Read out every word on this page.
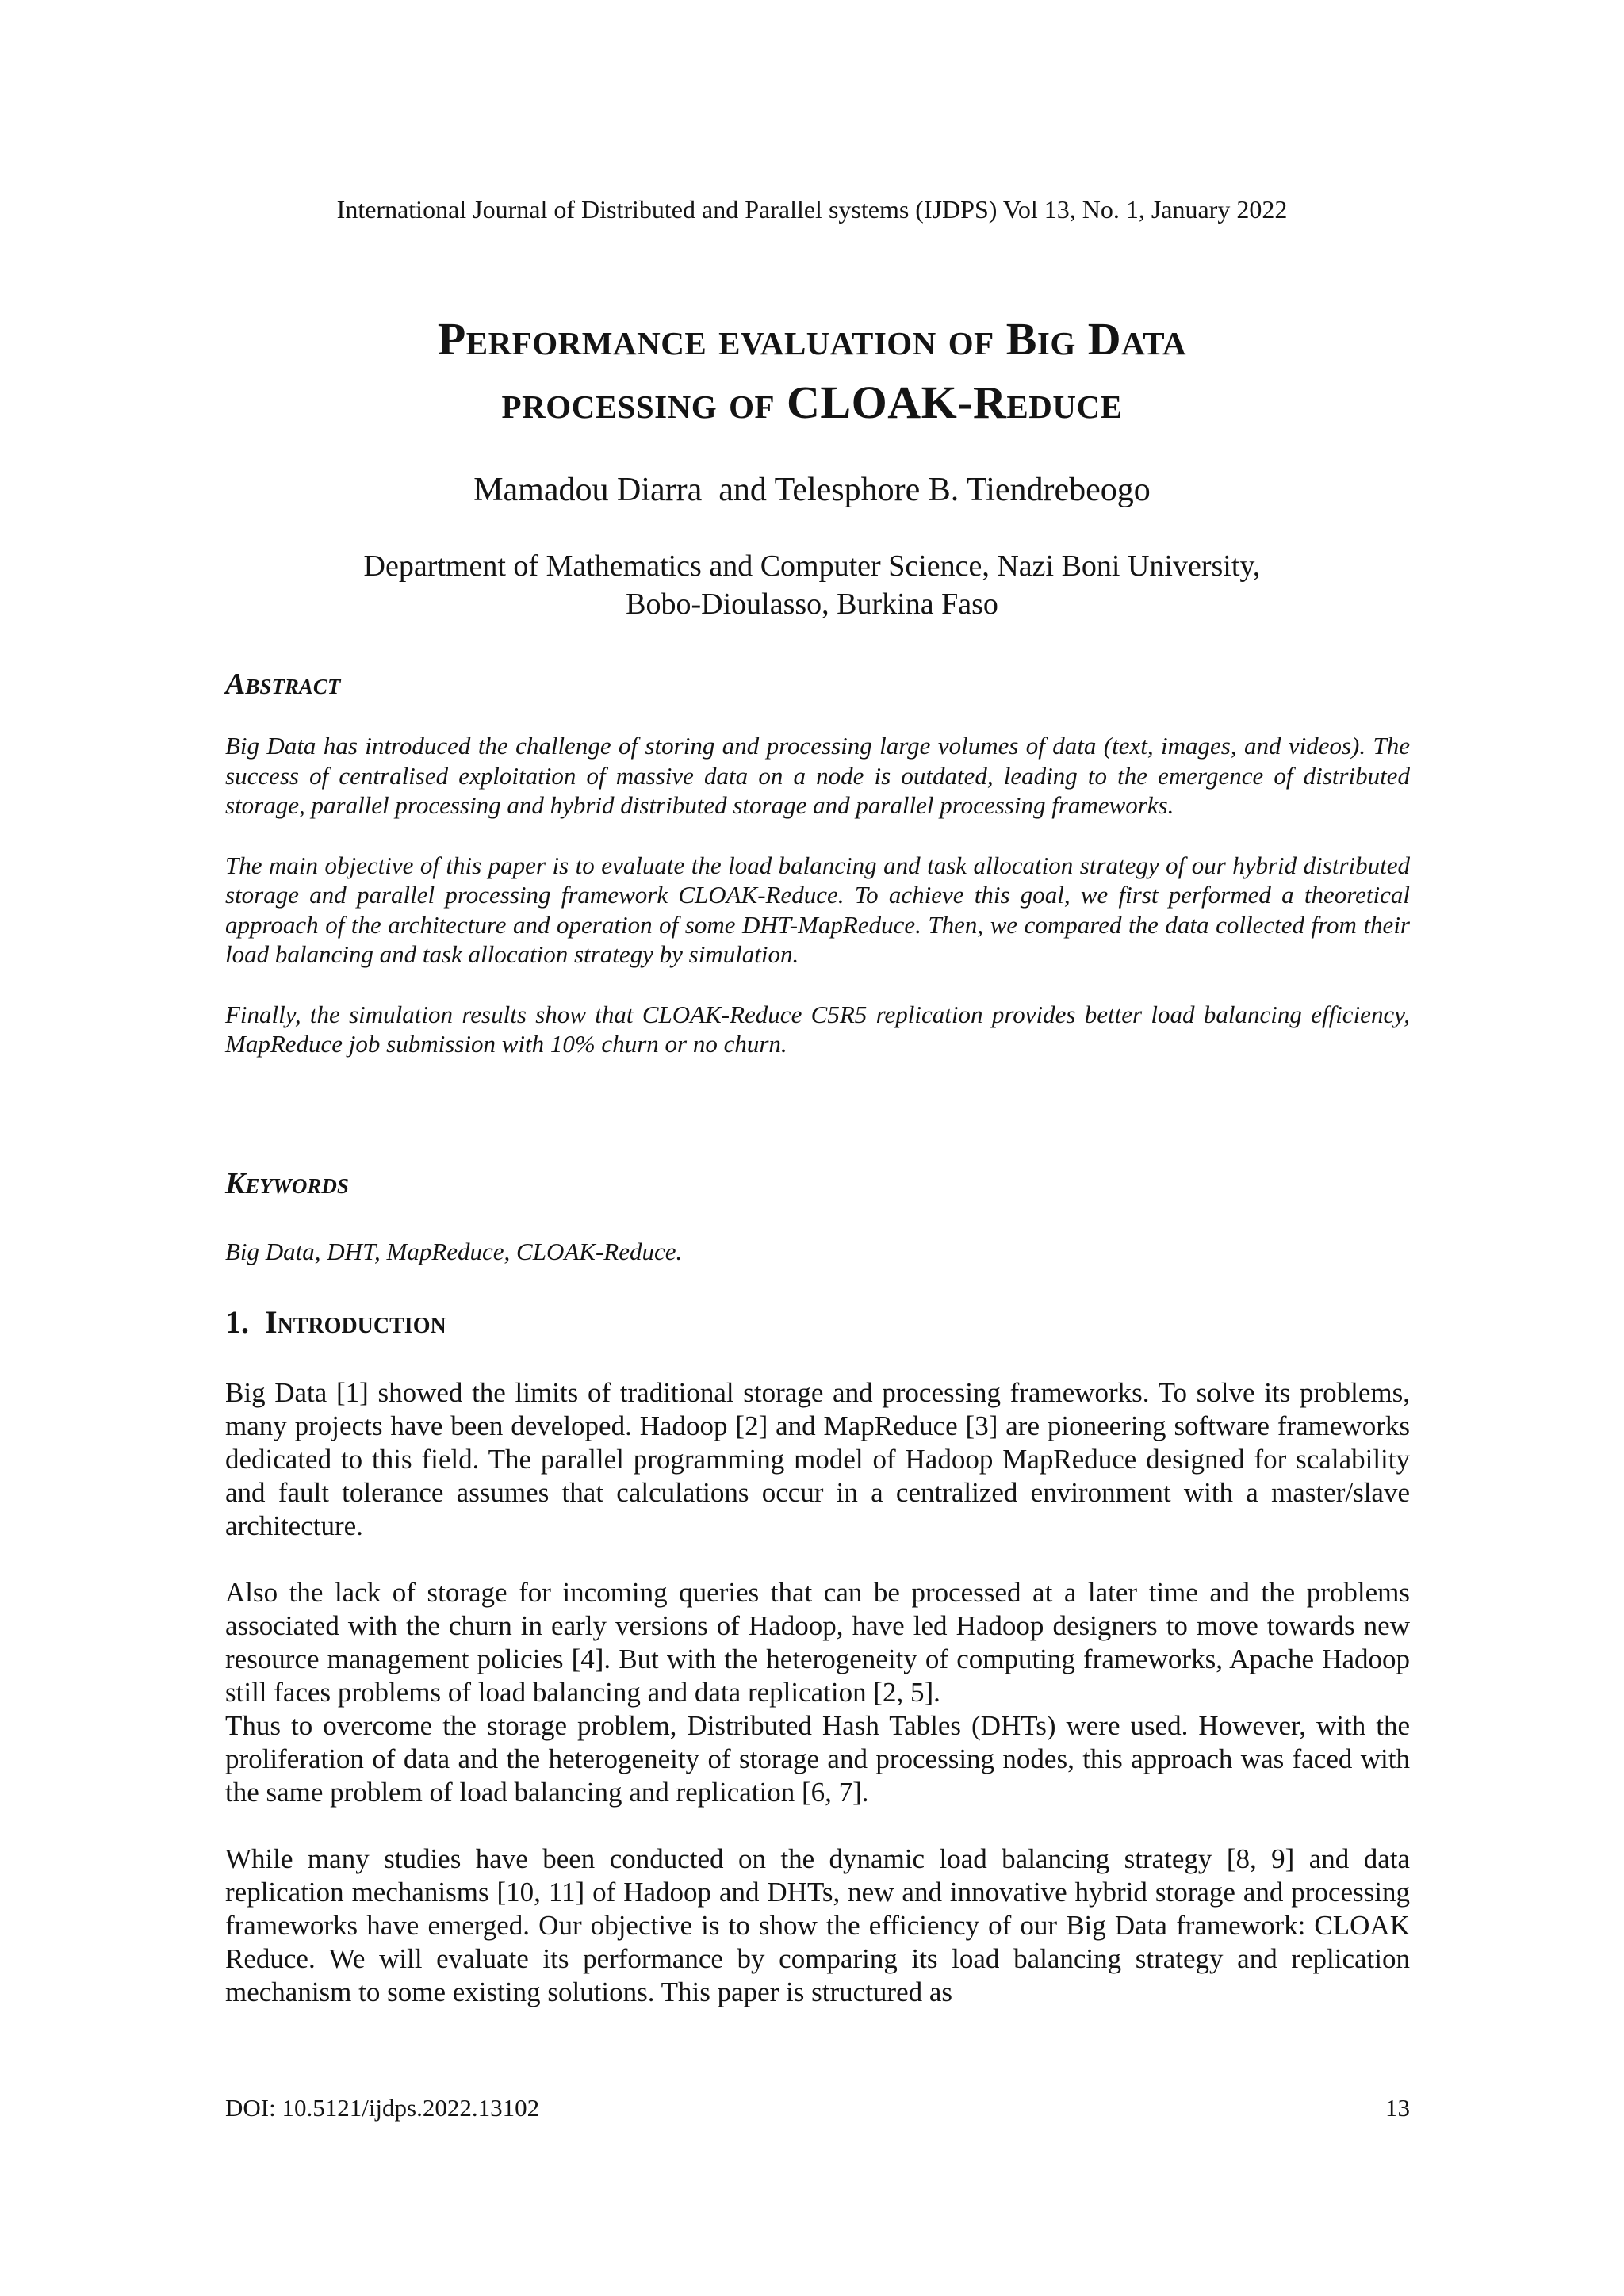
International Journal of Distributed and Parallel systems (IJDPS) Vol 13, No. 1, January 2022
Performance evaluation of Big Data
processing of CLOAK-Reduce
Mamadou Diarra  and Telesphore B. Tiendrebeogo
Department of Mathematics and Computer Science, Nazi Boni University,
Bobo-Dioulasso, Burkina Faso
Abstract

Big Data has introduced the challenge of storing and processing large volumes of data (text, images, and videos). The success of centralised exploitation of massive data on a node is outdated, leading to the emergence of distributed storage, parallel processing and hybrid distributed storage and parallel processing frameworks.

The main objective of this paper is to evaluate the load balancing and task allocation strategy of our hybrid distributed storage and parallel processing framework CLOAK-Reduce. To achieve this goal, we first performed a theoretical approach of the architecture and operation of some DHT-MapReduce. Then, we compared the data collected from their load balancing and task allocation strategy by simulation.

Finally, the simulation results show that CLOAK-Reduce C5R5 replication provides better load balancing efficiency, MapReduce job submission with 10% churn or no churn.

Keywords
Big Data, DHT, MapReduce, CLOAK-Reduce.
1. Introduction

Big Data [1] showed the limits of traditional storage and processing frameworks. To solve its problems, many projects have been developed. Hadoop [2] and MapReduce [3] are pioneering software frameworks dedicated to this field. The parallel programming model of Hadoop MapReduce designed for scalability and fault tolerance assumes that calculations occur in a centralized environment with a master/slave architecture.

Also the lack of storage for incoming queries that can be processed at a later time and the problems associated with the churn in early versions of Hadoop, have led Hadoop designers to move towards new resource management policies [4]. But with the heterogeneity of computing frameworks, Apache Hadoop still faces problems of load balancing and data replication [2, 5].

Thus to overcome the storage problem, Distributed Hash Tables (DHTs) were used. However, with the proliferation of data and the heterogeneity of storage and processing nodes, this approach was faced with the same problem of load balancing and replication [6, 7].

While many studies have been conducted on the dynamic load balancing strategy [8, 9] and data replication mechanisms [10, 11] of Hadoop and DHTs, new and innovative hybrid storage and processing frameworks have emerged. Our objective is to show the efficiency of our Big Data framework: CLOAK Reduce. We will evaluate its performance by comparing its load balancing strategy and replication mechanism to some existing solutions. This paper is structured as

DOI: 10.5121/ijdps.2022.13102	13
